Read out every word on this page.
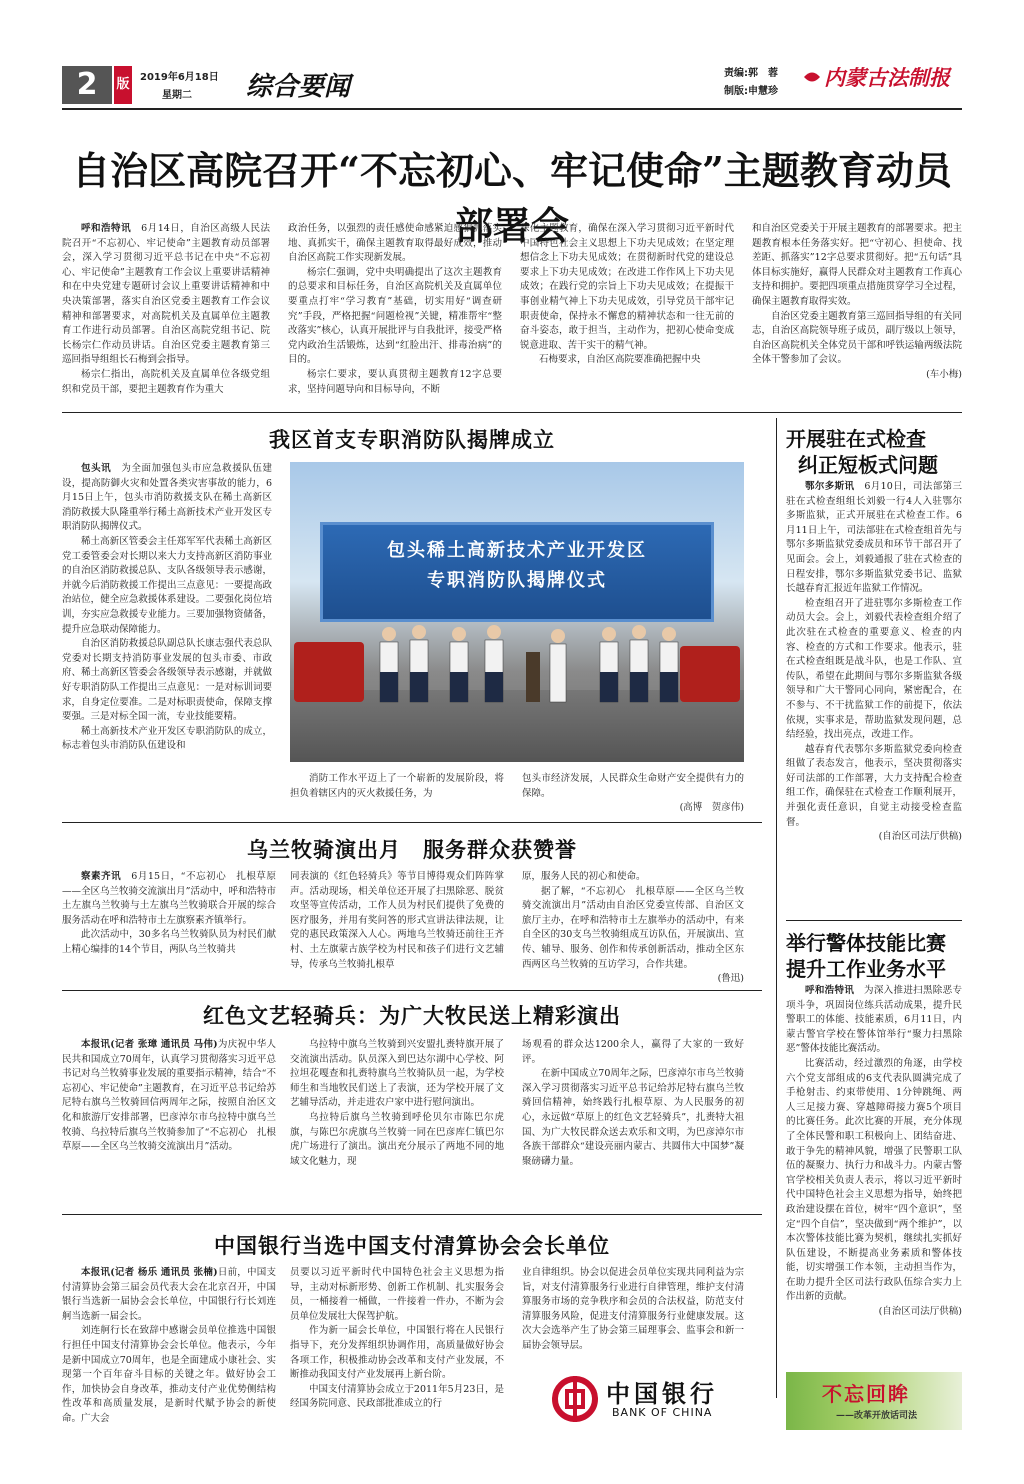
2	版 2019年6月18日
星期二 综合要闻	责编:郭　蓉
制版:申慧珍
内蒙古法制报
自治区高院召开“不忘初心、牢记使命”主题教育动员部署会

呼和浩特讯　 6月14日，自治区高级人民法院召开“不忘初心、牢记使命”主题教育动员部署会，深入学习贯彻习近平总书记在中央“不忘初心、牢记使命”主题教育工作会议上重要讲话精神和在中央党建专题研讨会议上重要讲话精神和中央决策部署，落实自治区党委主题教育工作会议精神和部署要求，对高院机关及直属单位主题教育工作进行动员部署。自治区高院党组书记、院长杨宗仁作动员讲话。自治区党委主题教育第三巡回指导组组长石梅到会指导。

杨宗仁指出，高院机关及直属单位各级党组织和党员干部，要把主题教育作为重大

政治任务，以强烈的责任感使命感紧迫感狠抓落实地、真抓实干，确保主题教育取得最好成效，推动自治区高院工作实现新发展。

杨宗仁强调，党中央明确提出了这次主题教育的总要求和目标任务，自治区高院机关及直属单位要重点打牢“学习教育”基础，切实用好“调查研究”手段，严格把握“问题检视”关键，精准帮牢“整改落实”核心，认真开展批评与自我批评，接受严格党内政治生活锻炼，达到“红脸出汗、排毒治病”的目的。

杨宗仁要求，要认真贯彻主题教育12字总要求，坚持问题导向和目标导向，不断

深化主题教育，确保在深入学习贯彻习近平新时代中国特色社会主义思想上下功夫见成效；在坚定理想信念上下功夫见成效；在贯彻新时代党的建设总要求上下功夫见成效；在改进工作作风上下功夫见成效；在践行党的宗旨上下功夫见成效；在提振干事创业精气神上下功夫见成效，引导党员干部牢记职责使命，保持永不懈怠的精神状态和一往无前的奋斗姿态，敢于担当，主动作为，把初心使命变成锐意进取、苦干实干的精气神。

石梅要求，自治区高院要准确把握中央

和自治区党委关于开展主题教育的部署要求。把主题教育根本任务落实好。把“守初心、担使命、找差距、抓落实”12字总要求贯彻好。把“五句话”具体目标实施好，赢得人民群众对主题教育工作真心支持和拥护。要把四项重点措施贯穿学习全过程，确保主题教育取得实效。

自治区党委主题教育第三巡回指导组的有关同志，自治区高院领导班子成员，副厅级以上领导，自治区高院机关全体党员干部和呼铁运输两级法院全体干警参加了会议。

(车小梅)

我区首支专职消防队揭牌成立

包头讯　 为全面加强包头市应急救援队伍建设，提高防御火灾和处置各类灾害事故的能力，6月15日上午，包头市消防救援支队在稀土高新区消防救援大队隆重举行稀土高新技术产业开发区专职消防队揭牌仪式。

稀土高新区管委会主任郑军军代表稀土高新区党工委管委会对长期以来大力支持高新区消防事业的自治区消防救援总队、支队各级领导表示感谢，并就今后消防救援工作提出三点意见：一要提高政治站位，健全应急救援体系建设。二要强化岗位培训，夯实应急救援专业能力。三要加强物资储备，提升应急联动保障能力。

自治区消防救援总队副总队长康志强代表总队党委对长期支持消防事业发展的包头市委、市政府、稀土高新区管委会各级领导表示感谢，并就做好专职消防队工作提出三点意见：一是对标训词要求，自身定位要准。二是对标职责使命，保障支撑要强。三是对标全国一流，专业技能要精。

稀土高新技术产业开发区专职消防队的成立，标志着包头市消防队伍建设和

包头稀土高新技术产业开发区
专职消防队揭牌仪式

消防工作水平迈上了一个崭新的发展阶段，将担负着辖区内的灭火救援任务，为

包头市经济发展，人民群众生命财产安全提供有力的保障。

(高博　贺彦伟)

乌兰牧骑演出月　服务群众获赞誉

察素齐讯　 6月15日，“不忘初心　扎根草原——全区乌兰牧骑交流演出月”活动中，呼和浩特市土左旗乌兰牧骑与土左旗乌兰牧骑联合开展的综合服务活动在呼和浩特市土左旗察素齐镇举行。

此次活动中，30多名乌兰牧骑队员为村民们献上精心编排的14个节目，两队乌兰牧骑共

同表演的《红色轻骑兵》等节目博得观众们阵阵掌声。活动现场，相关单位还开展了扫黑除恶、脱贫攻坚等宣传活动，工作人员为村民们提供了免费的医疗服务，并用有奖问答的形式宣讲法律法规，让党的惠民政策深入人心。两地乌兰牧骑还前往王齐村、土左旗蒙古族学校为村民和孩子们进行文艺辅导，传承乌兰牧骑扎根草

原，服务人民的初心和使命。

据了解，“不忘初心　扎根草原——全区乌兰牧骑交流演出月”活动由自治区党委宣传部、自治区文旅厅主办，在呼和浩特市土左旗举办的活动中，有来自全区的30支乌兰牧骑组成互访队伍，开展演出、宣传、辅导、服务、创作和传承创新活动，推动全区东西两区乌兰牧骑的互访学习，合作共建。

(鲁迅)

红色文艺轻骑兵：为广大牧民送上精彩演出

本报讯(记者 张璋 通讯员 马伟)为庆祝中华人民共和国成立70周年，认真学习贯彻落实习近平总书记对乌兰牧骑事业发展的重要指示精神，结合“不忘初心、牢记使命”主题教育，在习近平总书记给苏尼特右旗乌兰牧骑回信两周年之际，按照自治区文化和旅游厅安排部署，巴彦淖尔市乌拉特中旗乌兰牧骑、乌拉特后旗乌兰牧骑参加了“不忘初心　扎根草原——全区乌兰牧骑交流演出月”活动。

乌拉特中旗乌兰牧骑到兴安盟扎赉特旗开展了交流演出活动。队员深入到巴达尔湖中心学校、阿拉坦花嘎查和扎赉特旗乌兰牧骑队员一起，为学校师生和当地牧民们送上了表演，还为学校开展了文艺辅导活动，并走进农户家中进行慰问演出。

乌拉特后旗乌兰牧骑到呼伦贝尔市陈巴尔虎旗，与陈巴尔虎旗乌兰牧骑一同在巴彦库仁镇巴尔虎广场进行了演出。演出充分展示了两地不同的地域文化魅力，现

场观看的群众达1200余人，赢得了大家的一致好评。

在新中国成立70周年之际，巴彦淖尔市乌兰牧骑深入学习贯彻落实习近平总书记给苏尼特右旗乌兰牧骑回信精神，始终践行扎根草原、为人民服务的初心，永远做“草原上的红色文艺轻骑兵”，扎赉特大祖国、为广大牧民群众送去欢乐和文明，为巴彦淖尔市各族干部群众“建设亮丽内蒙古、共圆伟大中国梦”凝聚磅礴力量。

中国银行当选中国支付清算协会会长单位

本报讯(记者 杨乐 通讯员 张楠)日前，中国支付清算协会第三届会员代表大会在北京召开，中国银行当选新一届协会会长单位，中国银行行长刘连舸当选新一届会长。

刘连舸行长在致辞中感谢会员单位推选中国银行担任中国支付清算协会会长单位。他表示，今年是新中国成立70周年，也是全面建成小康社会、实现第一个百年奋斗目标的关键之年。做好协会工作，加快协会自身改革，推动支付产业优势侧结构性改革和高质量发展，是新时代赋予协会的新使命。广大会

员要以习近平新时代中国特色社会主义思想为指导，主动对标新形势、创新工作机制、扎实服务会员，一桶接着一桶做，一件接着一件办，不断为会员单位发展壮大保驾护航。

作为新一届会长单位，中国银行将在人民银行指导下，充分发挥组织协调作用，高质量做好协会各项工作，积极推动协会改革和支付产业发展，不断推动我国支付产业发展再上新台阶。

中国支付清算协会成立于2011年5月23日，是经国务院同意、民政部批准成立的行

业自律组织。协会以促进会员单位实现共同利益为宗旨，对支付清算服务行业进行自律管理，维护支付清算服务市场的竞争秩序和会员的合法权益，防范支付清算服务风险，促进支付清算服务行业健康发展。这次大会选举产生了协会第三届理事会、监事会和新一届协会领导层。

中国银行
BANK OF CHINA
开展驻在式检查
纠正短板式问题

鄂尔多斯讯　 6月10日，司法部第三驻在式检查组组长刘毅一行4人入驻鄂尔多斯监狱，正式开展驻在式检查工作。6月11日上午，司法部驻在式检查组首先与鄂尔多斯监狱党委成员和环节干部召开了见面会。会上，刘毅通报了驻在式检查的日程安排，鄂尔多斯监狱党委书记、监狱长越春育汇报近年监狱工作情况。

检查组召开了进驻鄂尔多斯检查工作动员大会。会上，刘毅代表检查组介绍了此次驻在式检查的重要意义、检查的内容、检查的方式和工作要求。他表示，驻在式检查组既是战斗队，也是工作队、宣传队，希望在此期间与鄂尔多斯监狱各级领导和广大干警同心同向，紧密配合，在不参与、不干扰监狱工作的前提下，依法依规，实事求是，帮助监狱发现问题，总结经验，找出亮点，改进工作。

越春育代表鄂尔多斯监狱党委向检查组做了表态发言，他表示，坚决贯彻落实好司法部的工作部署，大力支持配合检查组工作，确保驻在式检查工作顺利展开，并强化责任意识，自觉主动接受检查监督。

(自治区司法厅供稿)

举行警体技能比赛
提升工作业务水平

呼和浩特讯　 为深入推进扫黑除恶专项斗争，巩固岗位练兵活动成果，提升民警职工的体能、技能素质，6月11日，内蒙古警官学校在警体馆举行“聚力扫黑除恶”警体技能比赛活动。

比赛活动，经过激烈的角逐，由学校六个党支部组成的6支代表队圆满完成了手枪射击、约束带使用、1分钟跳绳、两人三足接力赛、穿越障碍接力赛5个项目的比赛任务。此次比赛的开展，充分体现了全体民警和职工积极向上、团结奋进、敢于争先的精神风貌，增强了民警职工队伍的凝聚力、执行力和战斗力。内蒙古警官学校相关负责人表示，将以习近平新时代中国特色社会主义思想为指导，始终把政治建设摆在首位，树牢“四个意识”，坚定“四个自信”，坚决做到“两个维护”，以本次警体技能比赛为契机，继续扎实抓好队伍建设，不断提高业务素质和警体技能，切实增强工作本领，主动担当作为，在助力提升全区司法行政队伍综合实力上作出新的贡献。

(自治区司法厅供稿)

不忘回眸
——改革开放话司法
